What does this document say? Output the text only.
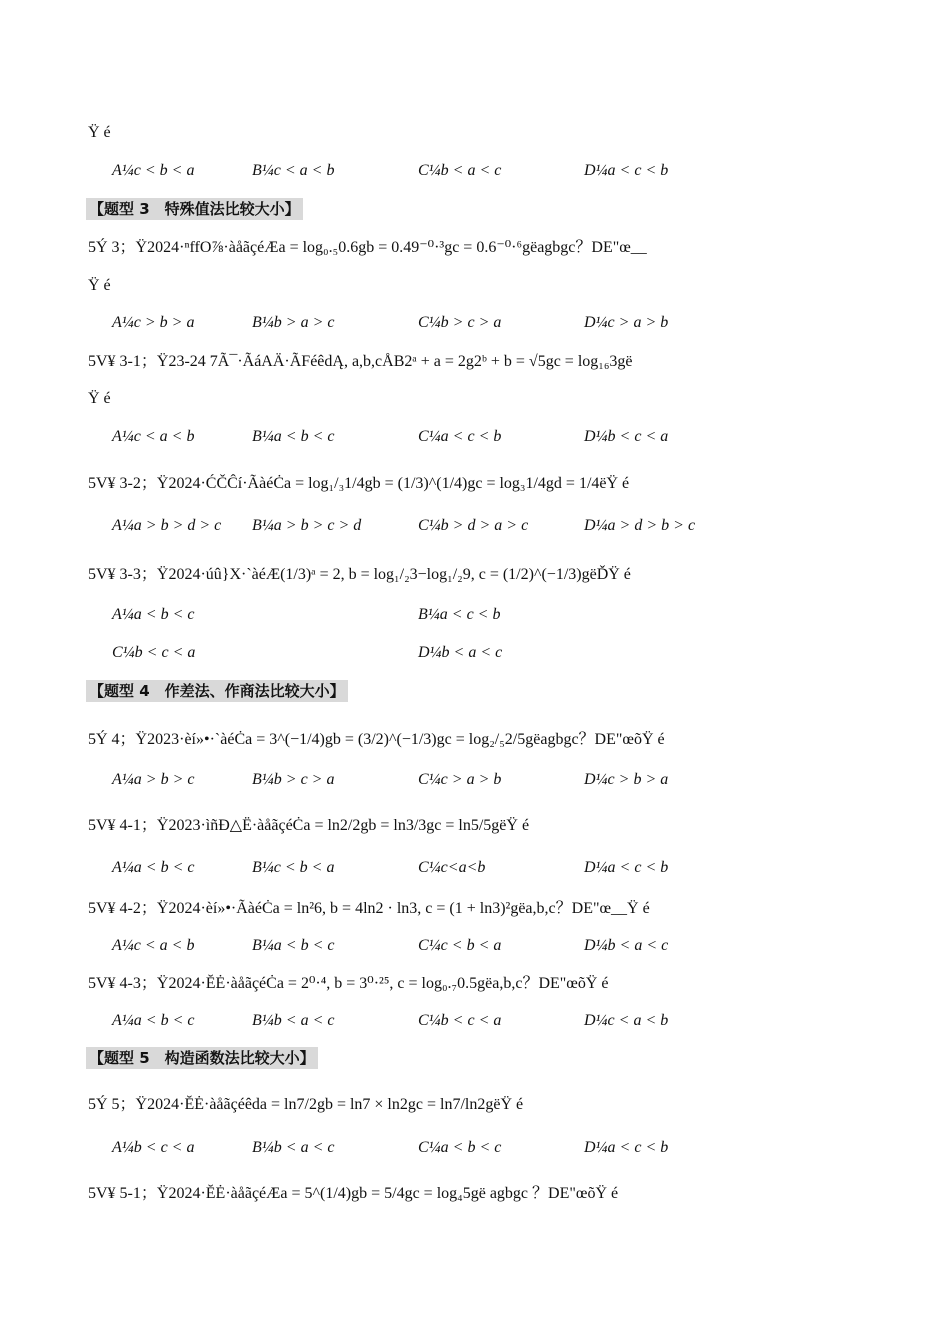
Ÿ é
A¼c < b < a	B¼c < a < b	C¼b < a < c	D¼a < c < b
【题型 3　特殊值法比较大小】
5Ý 3；Ÿ2024·ⁿffO⅞·àåãçéÆa = log₀.₅0.6gb = 0.49⁻⁰·³gc = 0.6⁻⁰·⁶gëagbgc？DE"œ__
Ÿ é
A¼c > b > a	B¼b > a > c	C¼b > c > a	D¼c > a > b
5V¥ 3-1；Ÿ23-24 7Ã¯·ÃáAÄ·ÃFéêdĄ, a,b,cÅB2ᵃ + a = 2g2ᵇ + b = √5gc = log₁₆3gë
Ÿ é
A¼c < a < b	B¼a < b < c	C¼a < c < b	D¼b < c < a
5V¥ 3-2；Ÿ2024·ĆČĈí·ÃàéĊa = log₁/₃1/4gb = (1/3)^(1/4)gc = log₃1/4gd = 1/4ëŸ é
A¼a > b > d > c B¼a > b > c > d	C¼b > d > a > c	D¼a > d > b > c
5V¥ 3-3；Ÿ2024·úû}X·`àéÆ(1/3)ᵃ = 2, b = log₁/₂3−log₁/₂9, c = (1/2)^(−1/3)gëĎŸ é
A¼a < b < c	B¼a < c < b
C¼b < c < a	D¼b < a < c
【题型 4　作差法、作商法比较大小】
5Ý 4；Ÿ2023·èí»•·`àéĊa = 3^(−1/4)gb = (3/2)^(−1/3)gc = log₂/₅2/5gëagbgc？DE"œõŸ é
A¼a > b > c	B¼b > c > a	C¼c > a > b	D¼c > b > a
5V¥ 4-1；Ÿ2023·ìñĐ△Ë·àåãçéĊa = ln2/2gb = ln3/3gc = ln5/5gëŸ é
A¼a < b < c	B¼c < b < a	C¼c<a<b	D¼a < c < b
5V¥ 4-2；Ÿ2024·èí»•·ÃàéĊa = ln²6, b = 4ln2 · ln3, c = (1 + ln3)²gëa,b,c？DE"œ__Ÿ é
A¼c < a < b	B¼a < b < c	C¼c < b < a	D¼b < a < c
5V¥ 4-3；Ÿ2024·ĔĖ·àåãçéĊa = 2⁰·⁴, b = 3⁰·²⁵, c = log₀.₇0.5gëa,b,c？DE"œõŸ é
A¼a < b < c	B¼b < a < c	C¼b < c < a	D¼c < a < b
【题型 5　构造函数法比较大小】
5Ý 5；Ÿ2024·ĔĖ·àåãçéêdа = ln7/2gb = ln7 × ln2gc = ln7/ln2gëŸ é
A¼b < c < a	B¼b < a < c	C¼a < b < c	D¼a < c < b
5V¥ 5-1；Ÿ2024·ĔĖ·àåãçéÆa = 5^(1/4)gb = 5/4gc = log₄5gë agbgc ？DE"œõŸ é
